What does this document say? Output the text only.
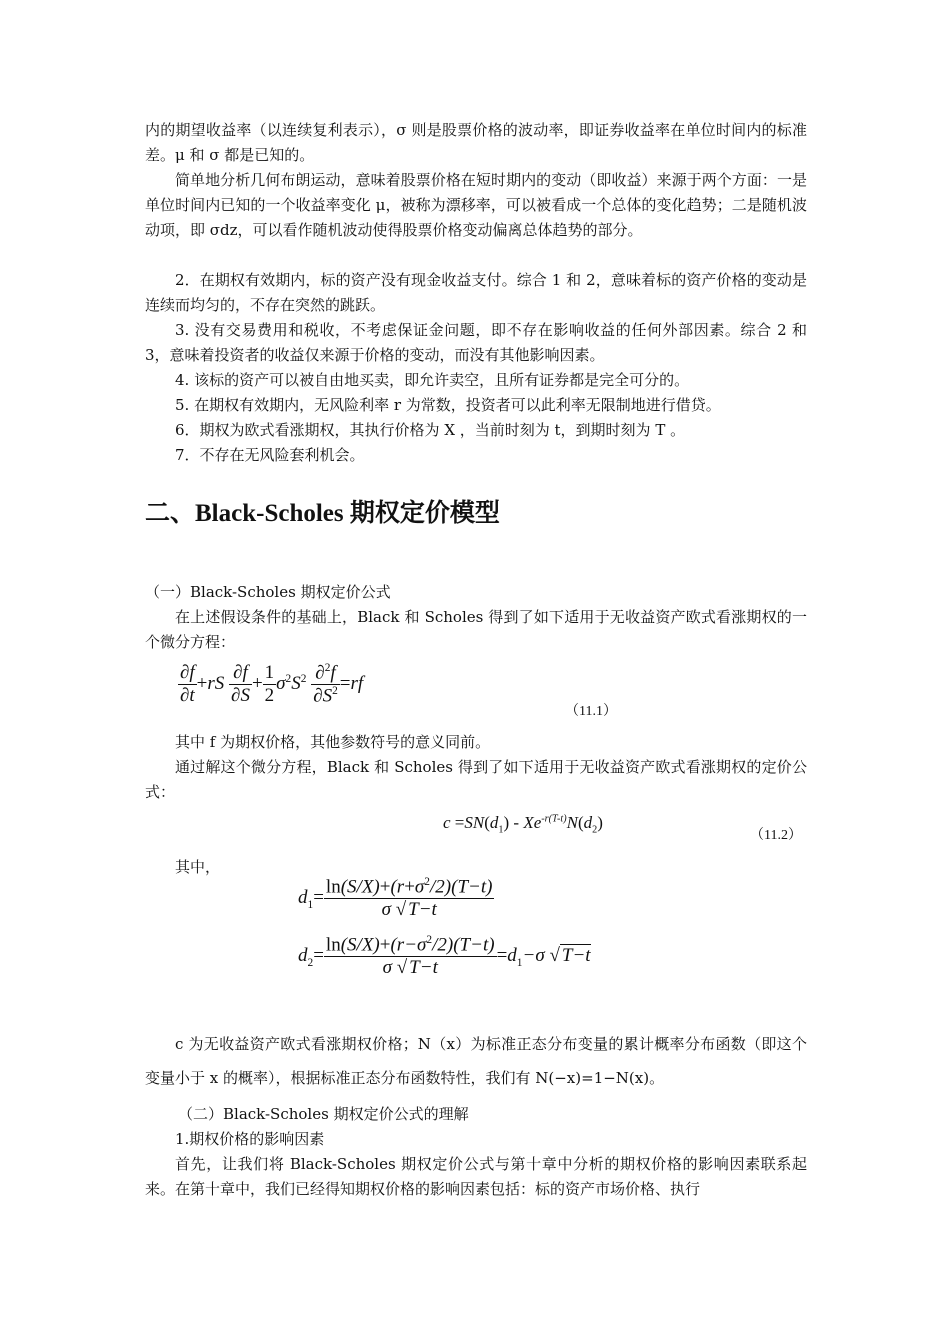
内的期望收益率（以连续复利表示），σ 则是股票价格的波动率，即证券收益率在单位时间内的标准差。μ 和 σ 都是已知的。

简单地分析几何布朗运动，意味着股票价格在短时期内的变动（即收益）来源于两个方面：一是单位时间内已知的一个收益率变化 μ，被称为漂移率，可以被看成一个总体的变化趋势；二是随机波动项，即 σdz，可以看作随机波动使得股票价格变动偏离总体趋势的部分。

2．在期权有效期内，标的资产没有现金收益支付。综合 1 和 2，意味着标的资产价格的变动是连续而均匀的，不存在突然的跳跃。

3. 没有交易费用和税收，不考虑保证金问题，即不存在影响收益的任何外部因素。综合 2 和 3，意味着投资者的收益仅来源于价格的变动，而没有其他影响因素。

4. 该标的资产可以被自由地买卖，即允许卖空，且所有证券都是完全可分的。

5. 在期权有效期内，无风险利率 r 为常数，投资者可以此利率无限制地进行借贷。

6．期权为欧式看涨期权，其执行价格为 X ，当前时刻为 t，到期时刻为 T 。

7．不存在无风险套利机会。

二、Black-Scholes 期权定价模型

（一）Black-Scholes 期权定价公式

在上述假设条件的基础上，Black 和 Scholes 得到了如下适用于无收益资产欧式看涨期权的一个微分方程：

$\frac{\partial f}{\partial t} +rS \frac{\partial f}{\partial S} + \frac{1}{2} \sigma^2S^2 \frac{\partial^2f}{\partial S^2} =rf$
（11.1）

其中 f 为期权价格，其他参数符号的意义同前。

通过解这个微分方程，Black 和 Scholes 得到了如下适用于无收益资产欧式看涨期权的定价公式：

$c =SN(d_1) - Xe^{-r(T-t)}N(d_2)$
（11.2）

其中，

$d_1= \frac{\ln(S/X)+(r+\sigma^2/2)(T-t)}{\sigma √ T-t}$
$d_2= \frac{\ln(S/X)+(r-\sigma^2/2)(T-t)}{\sigma √ T-t} =d_1-\sigma$ √ T−t

c 为无收益资产欧式看涨期权价格；N（x）为标准正态分布变量的累计概率分布函数（即这个变量小于 x 的概率），根据标准正态分布函数特性，我们有 N(−x)=1−N(x)。

（二）Black-Scholes 期权定价公式的理解

1.期权价格的影响因素

首先，让我们将 Black-Scholes 期权定价公式与第十章中分析的期权价格的影响因素联系起来。在第十章中，我们已经得知期权价格的影响因素包括：标的资产市场价格、执行
